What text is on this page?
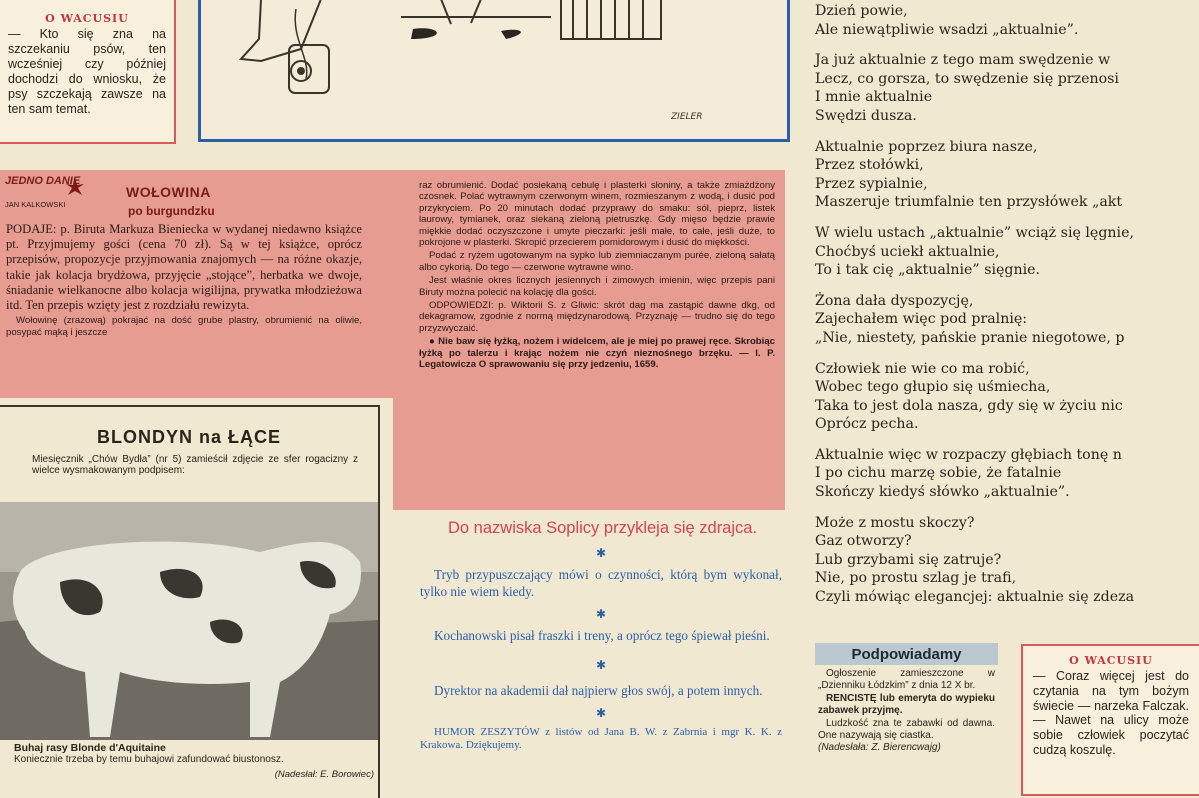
O WACUSIU
— Kto się zna na szczekaniu psów, ten wcześniej czy później dochodzi do wniosku, że psy szczekają zawsze na ten sam temat.
ZIELER
JEDNO DANIE
JAN KALKOWSKI
WOŁOWINA
po burgundzku

PODAJE: p. Biruta Markuza Bieniecka w wydanej niedawno książce pt. Przyjmujemy gości (cena 70 zł). Są w tej książce, oprócz przepisów, propozycje przyjmowania znajomych — na różne okazje, takie jak kolacja brydżowa, przyjęcie „stojące”, herbatka we dwoje, śniadanie wielkanocne albo kolacja wigilijna, prywatka młodzieżowa itd. Ten przepis wzięty jest z rozdziału rewizyta.

Wołowinę (zrazową) pokrajać na dość grube plastry, obrumienić na oliwie, posypać mąką i jeszcze

raz obrumienić. Dodać posiekaną cebulę i plasterki słoniny, a także zmiażdżony czosnek. Polać wytrawnym czerwonym winem, rozmieszanym z wodą, i dusić pod przykryciem. Po 20 minutach dodać przyprawy do smaku: sól, pieprz, listek laurowy, tymianek, oraz siekaną zieloną pietruszkę. Gdy mięso będzie prawie miękkie dodać oczyszczone i umyte pieczarki: jeśli małe, to całe, jeśli duże, to pokrojone w plasterki. Skropić przecierem pomidorowym i dusić do miękkości.

Podać z ryżem ugotowanym na sypko lub ziemniaczanym purée, zieloną sałatą albo cykorią. Do tego — czerwone wytrawne wino.

Jest właśnie okres licznych jesiennych i zimowych imienin, więc przepis pani Biruty można polecić na kolację dla gości.

ODPOWIEDZI: p. Wiktorii S. z Gliwic: skrót dag ma zastąpić dawne dkg, od dekagramow, zgodnie z normą międzynarodową. Przyznaję — trudno się do tego przyzwyczaić.

● Nie baw się łyżką, nożem i widelcem, ale je miej po prawej ręce. Skrobiąc łyżką po talerzu i krając nożem nie czyń nieznośnego brzęku. — I. P. Legatowicza O sprawowaniu się przy jedzeniu, 1659.

BLONDYN na ŁĄCE

Miesięcznik „Chów Bydła” (nr 5) zamieścił zdjęcie ze sfer rogacizny z wielce wysmakowanym podpisem:

Buhaj rasy Blonde d'Aquitaine
Koniecznie trzeba by temu buhajowi zafundować biustonosz.
(Nadesłał: E. Borowiec)
Do nazwiska Soplicy przykleja się zdrajca.
✱

Tryb przypuszczający mówi o czynności, którą bym wykonał, tylko nie wiem kiedy.

✱

Kochanowski pisał fraszki i treny, a oprócz tego śpiewał pieśni.

✱

Dyrektor na akademii dał najpierw głos swój, a potem innych.

✱

HUMOR ZESZYTÓW z listów od Jana B. W. z Zabrnia i mgr K. K. z Krakowa. Dziękujemy.

Dzień powie,
Ale niewątpliwie wsadzi „aktualnie”.
Ja już aktualnie z tego mam swędzenie w
Lecz, co gorsza, to swędzenie się przenosi
I mnie aktualnie
Swędzi dusza.
Aktualnie poprzez biura nasze,
Przez stołówki,
Przez sypialnie,
Maszeruje triumfalnie ten przysłówek „akt
W wielu ustach „aktualnie” wciąż się lęgnie,
Choćbyś uciekł aktualnie,
To i tak cię „aktualnie” sięgnie.
Żona dała dyspozycję,
Zajechałem więc pod pralnię:
„Nie, niestety, pańskie pranie niegotowe, p
Człowiek nie wie co ma robić,
Wobec tego głupio się uśmiecha,
Taka to jest dola nasza, gdy się w życiu nic
Oprócz pecha.
Aktualnie więc w rozpaczy głębiach tonę n
I po cichu marzę sobie, że fatalnie
Skończy kiedyś słówko „aktualnie”.
Może z mostu skoczy?
Gaz otworzy?
Lub grzybami się zatruje?
Nie, po prostu szlag je trafi,
Czyli mówiąc elegancjej: aktualnie się zdeza
Podpowiadamy

Ogłoszenie zamieszczone w „Dzienniku Łódzkim” z dnia 12 X br.

RENCISTĘ lub emeryta do wypieku zabawek przyjmę.

Ludzkość zna te zabawki od dawna. One nazywają się ciastka.

(Nadesłała: Z. Bierencwajg)

O WACUSIU
— Coraz więcej jest do czytania na tym bożym świecie — narzeka Falczak. — Nawet na ulicy może sobie człowiek poczytać cudzą koszulę.
